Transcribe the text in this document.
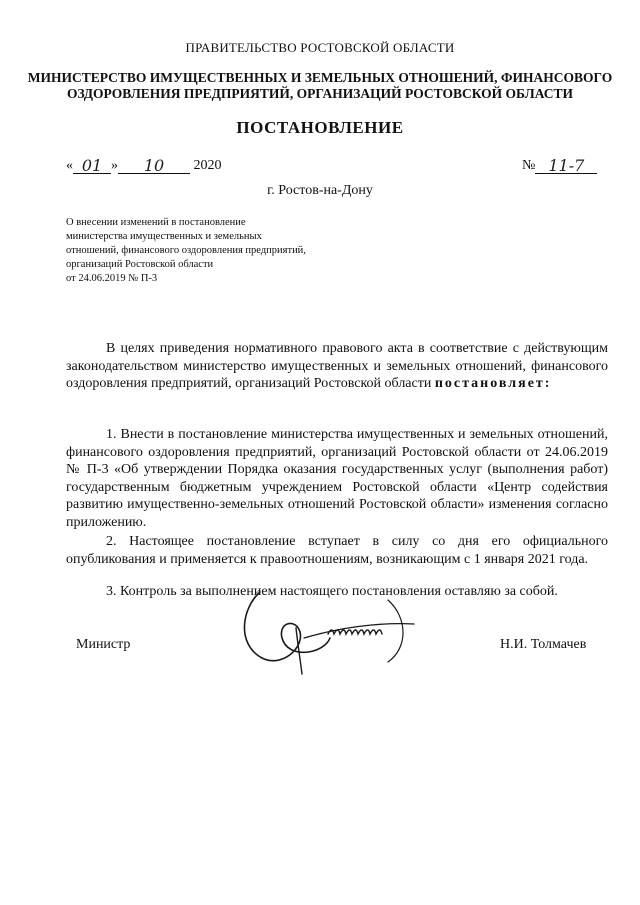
ПРАВИТЕЛЬСТВО РОСТОВСКОЙ ОБЛАСТИ
МИНИСТЕРСТВО ИМУЩЕСТВЕННЫХ И ЗЕМЕЛЬНЫХ ОТНОШЕНИЙ, ФИНАНСОВОГО
ОЗДОРОВЛЕНИЯ ПРЕДПРИЯТИЙ, ОРГАНИЗАЦИЙ РОСТОВСКОЙ ОБЛАСТИ
ПОСТАНОВЛЕНИЕ
« 01 » 10 2020	№ 11-7
г. Ростов-на-Дону
О внесении изменений в постановление
министерства имущественных и земельных
отношений, финансового оздоровления предприятий,
организаций Ростовской области
от 24.06.2019 № П-3
В целях приведения нормативного правового акта в соответствие с действующим законодательством министерство имущественных и земельных отношений, финансового оздоровления предприятий, организаций Ростовской области постановляет:
1. Внести в постановление министерства имущественных и земельных отношений, финансового оздоровления предприятий, организаций Ростовской области от 24.06.2019 № П-3 «Об утверждении Порядка оказания государственных услуг (выполнения работ) государственным бюджетным учреждением Ростовской области «Центр содействия развитию имущественно-земельных отношений Ростовской области» изменения согласно приложению.
2. Настоящее постановление вступает в силу со дня его официального опубликования и применяется к правоотношениям, возникающим с 1 января 2021 года.
3. Контроль за выполнением настоящего постановления оставляю за собой.
Министр	Н.И. Толмачев
